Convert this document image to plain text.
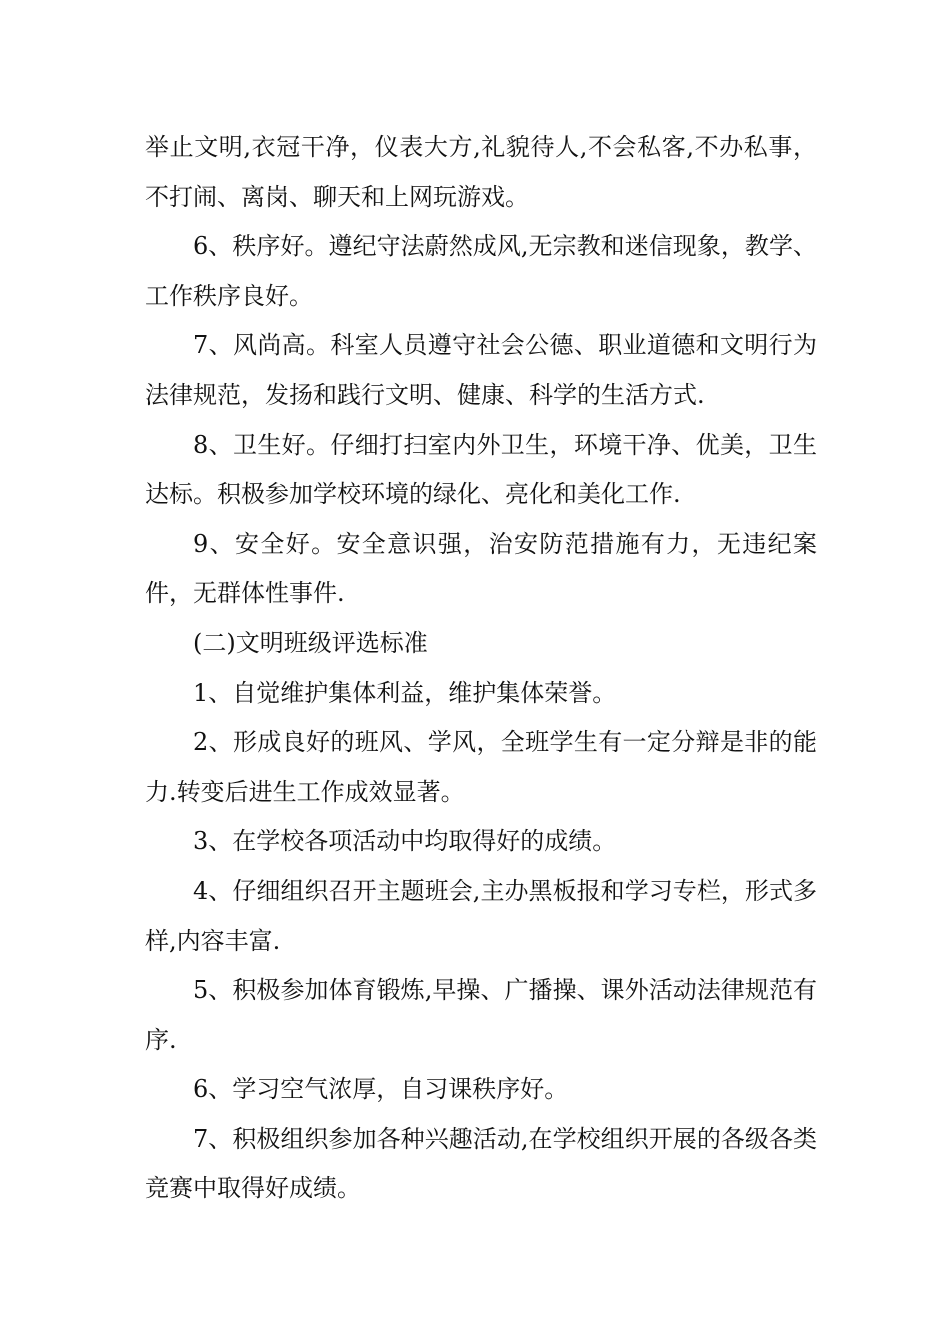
举止文明,衣冠干净，仪表大方,礼貌待人,不会私客,不办私事，不打闹、离岗、聊天和上网玩游戏。

6、秩序好。遵纪守法蔚然成风,无宗教和迷信现象，教学、工作秩序良好。

7、风尚高。科室人员遵守社会公德、职业道德和文明行为法律规范，发扬和践行文明、健康、科学的生活方式.

8、卫生好。仔细打扫室内外卫生，环境干净、优美，卫生达标。积极参加学校环境的绿化、亮化和美化工作.

9、安全好。安全意识强，治安防范措施有力，无违纪案件，无群体性事件.

(二)文明班级评选标准

1、自觉维护集体利益，维护集体荣誉。

2、形成良好的班风、学风，全班学生有一定分辩是非的能力.转变后进生工作成效显著。

3、在学校各项活动中均取得好的成绩。

4、仔细组织召开主题班会,主办黑板报和学习专栏，形式多样,内容丰富.

5、积极参加体育锻炼,早操、广播操、课外活动法律规范有序.

6、学习空气浓厚，自习课秩序好。

7、积极组织参加各种兴趣活动,在学校组织开展的各级各类竞赛中取得好成绩。
